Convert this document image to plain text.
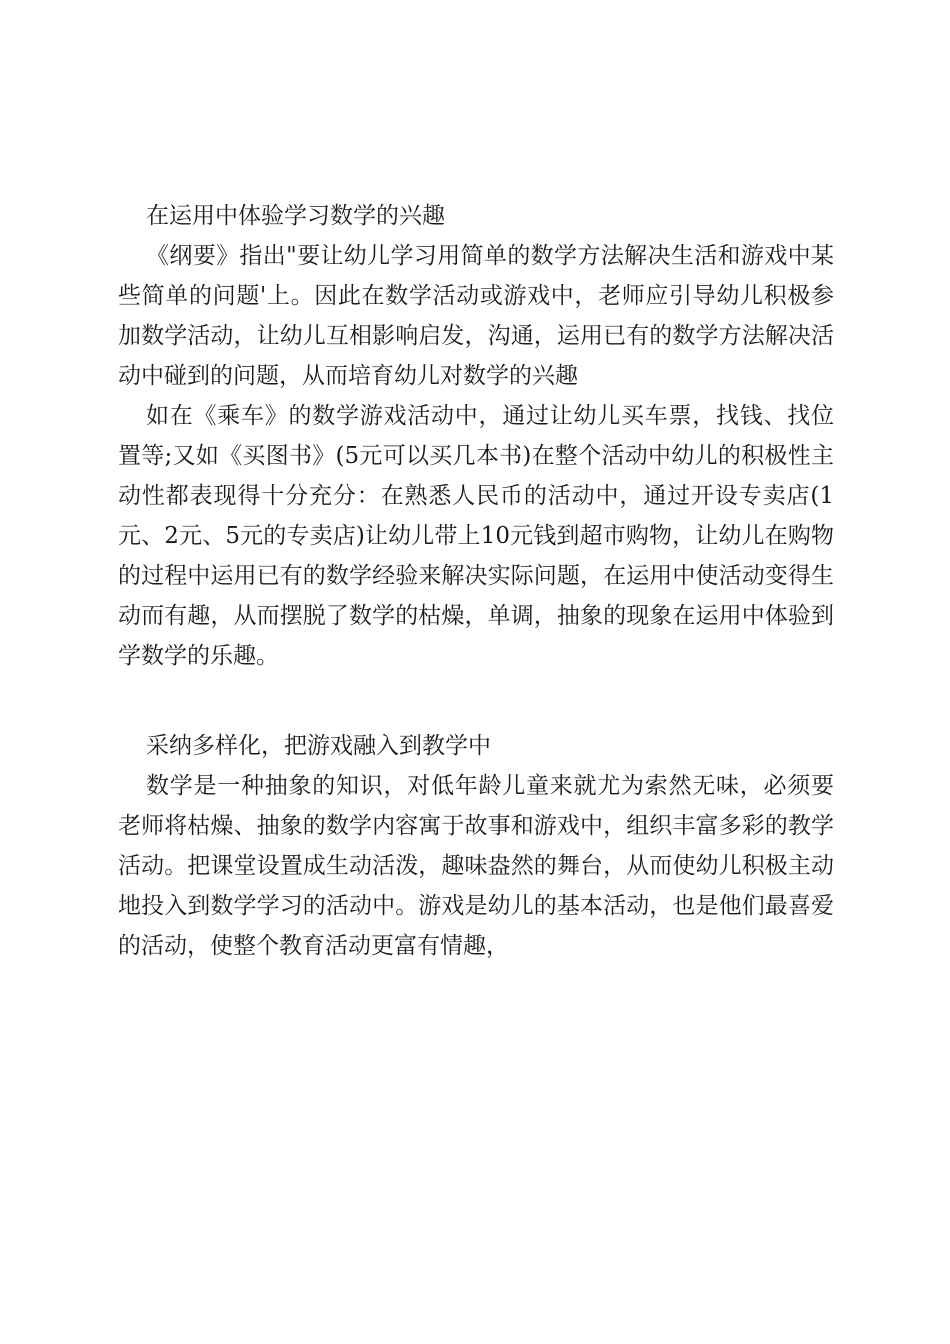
在运用中体验学习数学的兴趣

《纲要》指出"要让幼儿学习用简单的数学方法解决生活和游戏中某些简单的问题'上。因此在数学活动或游戏中，老师应引导幼儿积极参加数学活动，让幼儿互相影响启发，沟通，运用已有的数学方法解决活动中碰到的问题，从而培育幼儿对数学的兴趣

如在《乘车》的数学游戏活动中，通过让幼儿买车票，找钱、找位置等;又如《买图书》(5元可以买几本书)在整个活动中幼儿的积极性主动性都表现得十分充分：在熟悉人民币的活动中，通过开设专卖店(1元、2元、5元的专卖店)让幼儿带上10元钱到超市购物，让幼儿在购物的过程中运用已有的数学经验来解决实际问题，在运用中使活动变得生动而有趣，从而摆脱了数学的枯燥，单调，抽象的现象在运用中体验到学数学的乐趣。

采纳多样化，把游戏融入到教学中

数学是一种抽象的知识，对低年龄儿童来就尤为索然无味，必须要老师将枯燥、抽象的数学内容寓于故事和游戏中，组织丰富多彩的教学活动。把课堂设置成生动活泼，趣味盎然的舞台，从而使幼儿积极主动地投入到数学学习的活动中。游戏是幼儿的基本活动，也是他们最喜爱的活动，使整个教育活动更富有情趣，
